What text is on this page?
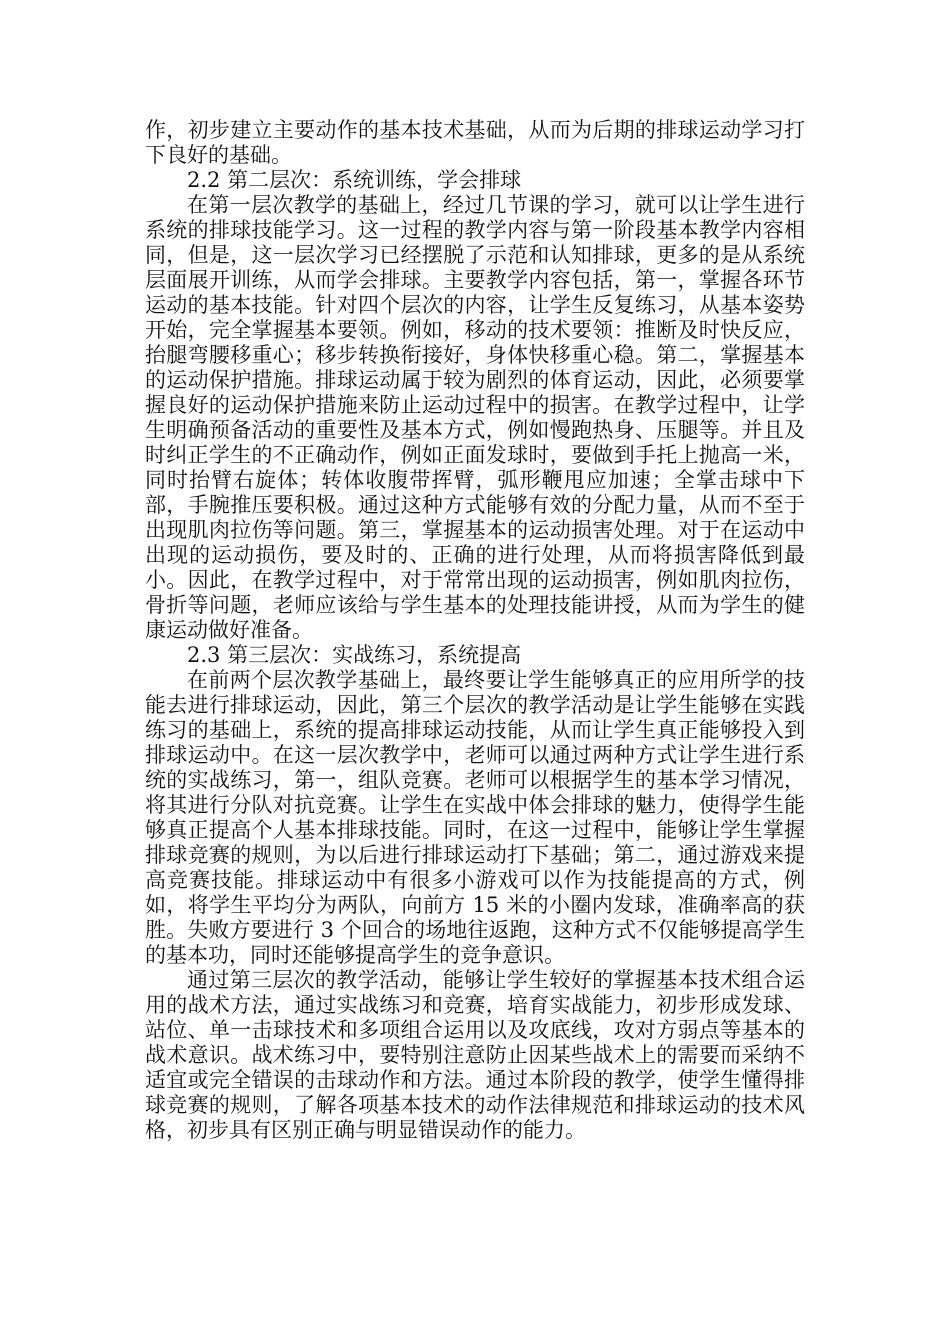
作，初步建立主要动作的基本技术基础，从而为后期的排球运动学习打下良好的基础。

2.2 第二层次：系统训练，学会排球

在第一层次教学的基础上，经过几节课的学习，就可以让学生进行系统的排球技能学习。这一过程的教学内容与第一阶段基本教学内容相同，但是，这一层次学习已经摆脱了示范和认知排球，更多的是从系统层面展开训练，从而学会排球。主要教学内容包括，第一，掌握各环节运动的基本技能。针对四个层次的内容，让学生反复练习，从基本姿势开始，完全掌握基本要领。例如，移动的技术要领：推断及时快反应，抬腿弯腰移重心；移步转换衔接好，身体快移重心稳。第二，掌握基本的运动保护措施。排球运动属于较为剧烈的体育运动，因此，必须要掌握良好的运动保护措施来防止运动过程中的损害。在教学过程中，让学生明确预备活动的重要性及基本方式，例如慢跑热身、压腿等。并且及时纠正学生的不正确动作，例如正面发球时，要做到手托上抛高一米，同时抬臂右旋体；转体收腹带挥臂，弧形鞭甩应加速；全掌击球中下部，手腕推压要积极。通过这种方式能够有效的分配力量，从而不至于出现肌肉拉伤等问题。第三，掌握基本的运动损害处理。对于在运动中出现的运动损伤，要及时的、正确的进行处理，从而将损害降低到最小。因此，在教学过程中，对于常常出现的运动损害，例如肌肉拉伤，骨折等问题，老师应该给与学生基本的处理技能讲授，从而为学生的健康运动做好准备。

2.3 第三层次：实战练习，系统提高

在前两个层次教学基础上，最终要让学生能够真正的应用所学的技能去进行排球运动，因此，第三个层次的教学活动是让学生能够在实践练习的基础上，系统的提高排球运动技能，从而让学生真正能够投入到排球运动中。在这一层次教学中，老师可以通过两种方式让学生进行系统的实战练习，第一，组队竞赛。老师可以根据学生的基本学习情况，将其进行分队对抗竞赛。让学生在实战中体会排球的魅力，使得学生能够真正提高个人基本排球技能。同时，在这一过程中，能够让学生掌握排球竞赛的规则，为以后进行排球运动打下基础；第二，通过游戏来提高竞赛技能。排球运动中有很多小游戏可以作为技能提高的方式，例如，将学生平均分为两队，向前方 15 米的小圈内发球，准确率高的获胜。失败方要进行 3 个回合的场地往返跑，这种方式不仅能够提高学生的基本功，同时还能够提高学生的竞争意识。

通过第三层次的教学活动，能够让学生较好的掌握基本技术组合运用的战术方法，通过实战练习和竞赛，培育实战能力，初步形成发球、站位、单一击球技术和多项组合运用以及攻底线，攻对方弱点等基本的战术意识。战术练习中，要特别注意防止因某些战术上的需要而采纳不适宜或完全错误的击球动作和方法。通过本阶段的教学，使学生懂得排球竞赛的规则，了解各项基本技术的动作法律规范和排球运动的技术风格，初步具有区别正确与明显错误动作的能力。
